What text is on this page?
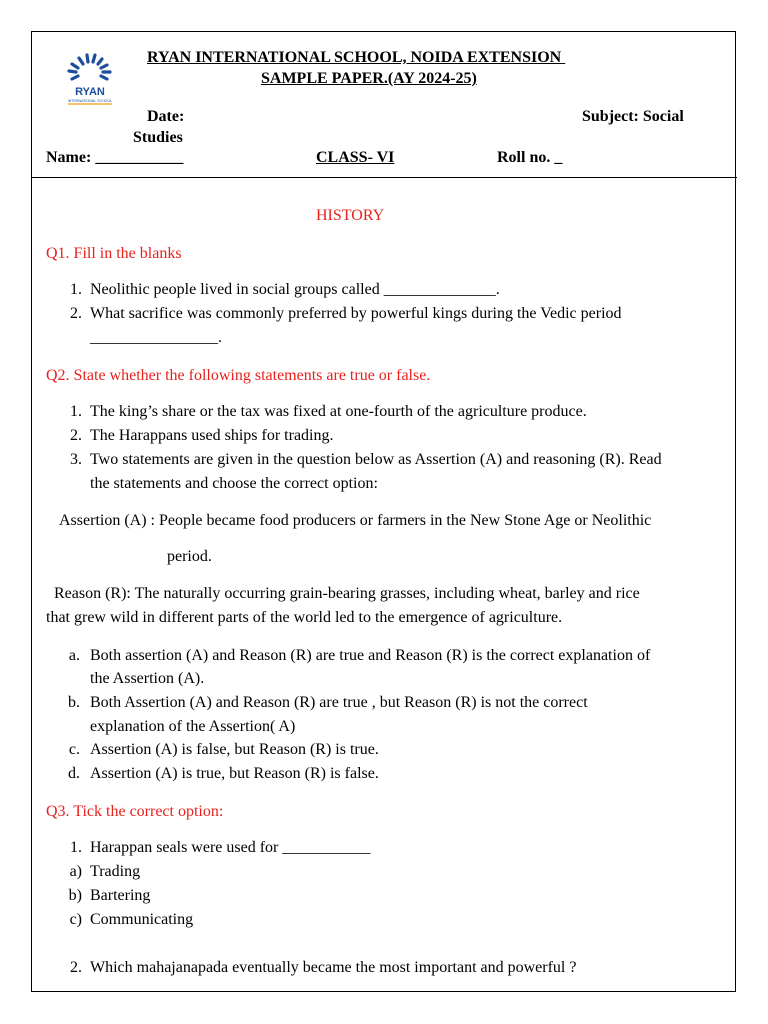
RYAN
INTERNATIONAL SCHOOL
RYAN INTERNATIONAL SCHOOL, NOIDA EXTENSION
SAMPLE PAPER.(AY 2024-25)
Date:	Subject: Social
Studies
Name: ___________	CLASS- VI	Roll no. _
HISTORY
Q1. Fill in the blanks
1. Neolithic people lived in social groups called ______________.
2. What sacrifice was commonly preferred by powerful kings during the Vedic period
________________.
Q2. State whether the following statements are true or false.
1. The king’s share or the tax was fixed at one-fourth of the agriculture produce.
2. The Harappans used ships for trading.
3. Two statements are given in the question below as Assertion (A) and reasoning (R). Read
the statements and choose the correct option:
Assertion (A) : People became food producers or farmers in the New Stone Age or Neolithic
period.
Reason (R): The naturally occurring grain-bearing grasses, including wheat, barley and rice
that grew wild in different parts of the world led to the emergence of agriculture.
a. Both assertion (A) and Reason (R) are true and Reason (R) is the correct explanation of
the Assertion (A).
b. Both Assertion (A) and Reason (R) are true , but Reason (R) is not the correct
explanation of the Assertion( A)
c. Assertion (A) is false, but Reason (R) is true.
d. Assertion (A) is true, but Reason (R) is false.
Q3. Tick the correct option:
1. Harappan seals were used for ___________
a) Trading
b) Bartering
c) Communicating
2. Which mahajanapada eventually became the most important and powerful ?
